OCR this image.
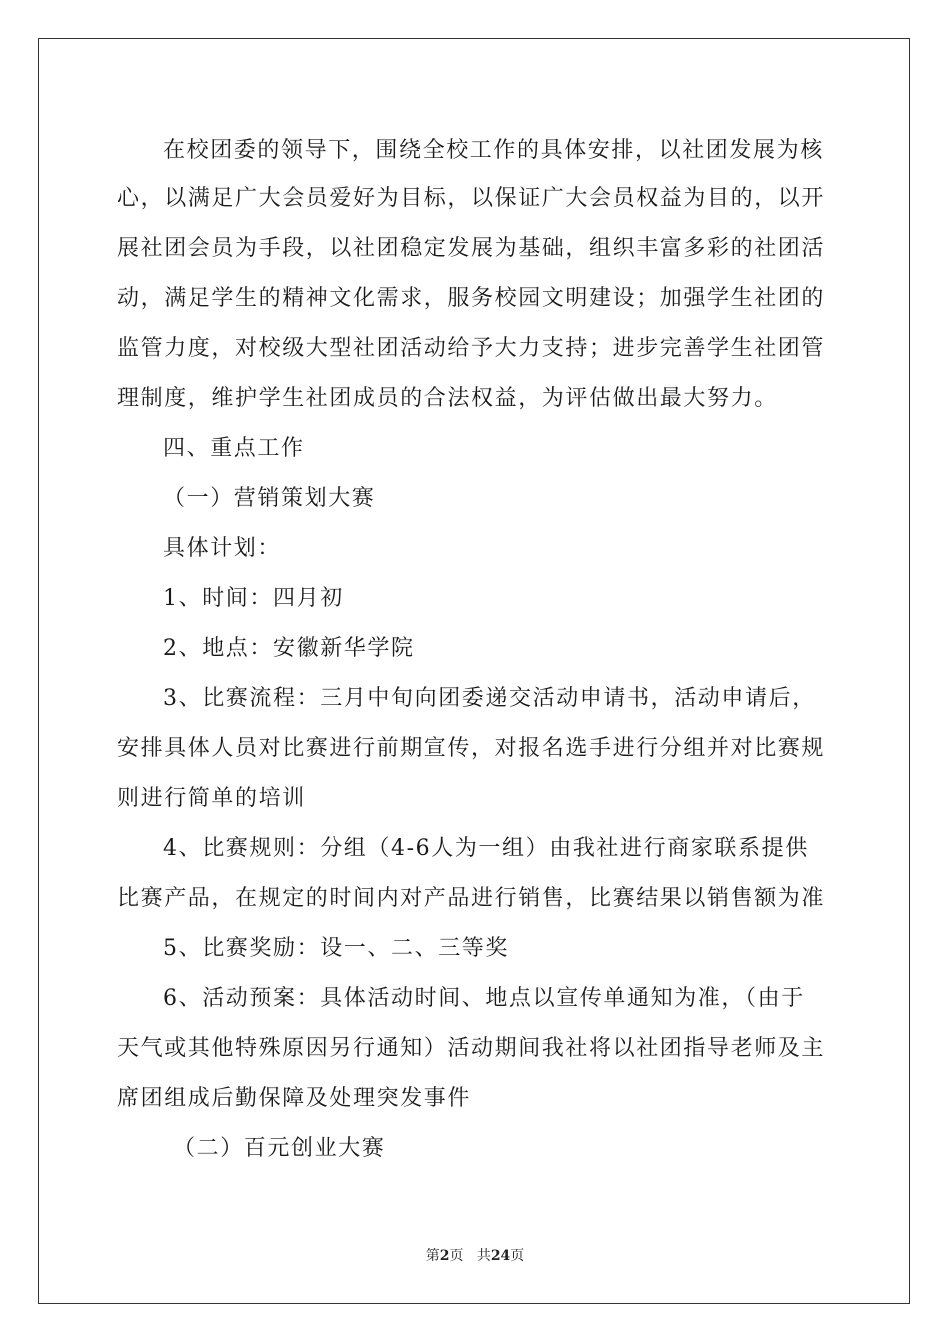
在校团委的领导下，围绕全校工作的具体安排，以社团发展为核
心，以满足广大会员爱好为目标，以保证广大会员权益为目的，以开
展社团会员为手段，以社团稳定发展为基础，组织丰富多彩的社团活
动，满足学生的精神文化需求，服务校园文明建设；加强学生社团的
监管力度，对校级大型社团活动给予大力支持；进步完善学生社团管
理制度，维护学生社团成员的合法权益，为评估做出最大努力。
四、重点工作
（一）营销策划大赛
具体计划：
1、时间：四月初
2、地点：安徽新华学院
3、比赛流程：三月中旬向团委递交活动申请书，活动申请后，
安排具体人员对比赛进行前期宣传，对报名选手进行分组并对比赛规
则进行简单的培训
4、比赛规则：分组（4-6人为一组）由我社进行商家联系提供
比赛产品，在规定的时间内对产品进行销售，比赛结果以销售额为准
5、比赛奖励：设一、二、三等奖
6、活动预案：具体活动时间、地点以宣传单通知为准，（由于
天气或其他特殊原因另行通知）活动期间我社将以社团指导老师及主
席团组成后勤保障及处理突发事件
（二）百元创业大赛
第2页 共24页
